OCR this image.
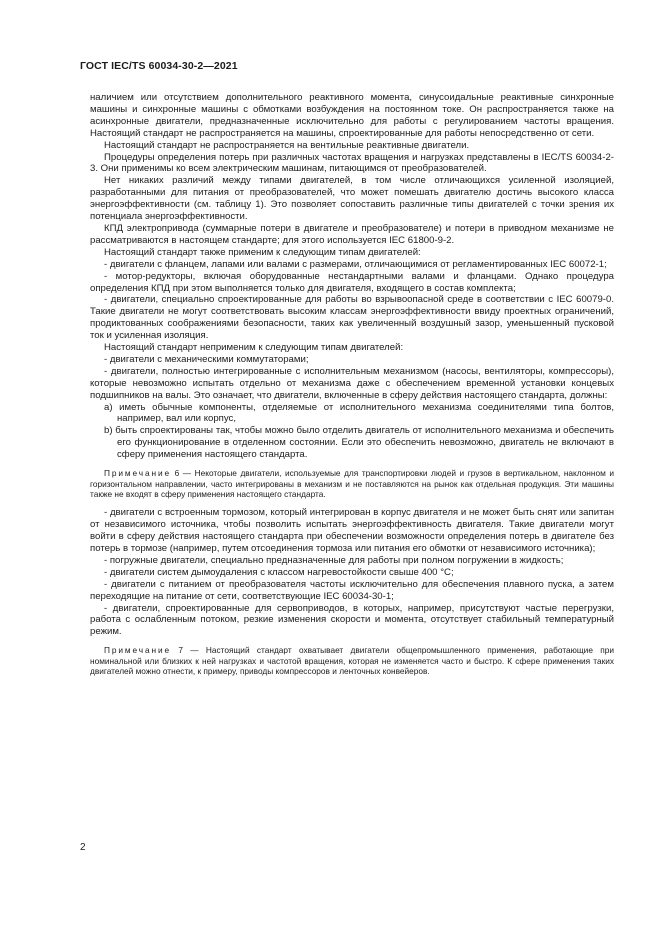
ГОСТ IEC/TS 60034-30-2—2021

наличием или отсутствием дополнительного реактивного момента, синусоидальные реактивные синхронные машины и синхронные машины с обмотками возбуждения на постоянном токе. Он распространяется также на асинхронные двигатели, предназначенные исключительно для работы с регулированием частоты вращения. Настоящий стандарт не распространяется на машины, спроектированные для работы непосредственно от сети.

Настоящий стандарт не распространяется на вентильные реактивные двигатели.

Процедуры определения потерь при различных частотах вращения и нагрузках представлены в IEC/TS 60034-2-3. Они применимы ко всем электрическим машинам, питающимся от преобразователей.

Нет никаких различий между типами двигателей, в том числе отличающихся усиленной изоляцией, разработанными для питания от преобразователей, что может помешать двигателю достичь высокого класса энергоэффективности (см. таблицу 1). Это позволяет сопоставить различные типы двигателей с точки зрения их потенциала энергоэффективности.

КПД электропривода (суммарные потери в двигателе и преобразователе) и потери в приводном механизме не рассматриваются в настоящем стандарте; для этого используется IEC 61800-9-2.

Настоящий стандарт также применим к следующим типам двигателей:

- двигатели с фланцем, лапами или валами с размерами, отличающимися от регламентированных IEC 60072-1;

- мотор-редукторы, включая оборудованные нестандартными валами и фланцами. Однако процедура определения КПД при этом выполняется только для двигателя, входящего в состав комплекта;

- двигатели, специально спроектированные для работы во взрывоопасной среде в соответствии с IEC 60079-0. Такие двигатели не могут соответствовать высоким классам энергоэффективности ввиду проектных ограничений, продиктованных соображениями безопасности, таких как увеличенный воздушный зазор, уменьшенный пусковой ток и усиленная изоляция.

Настоящий стандарт неприменим к следующим типам двигателей:

- двигатели с механическими коммутаторами;

- двигатели, полностью интегрированные с исполнительным механизмом (насосы, вентиляторы, компрессоры), которые невозможно испытать отдельно от механизма даже с обеспечением временной установки концевых подшипников на валы. Это означает, что двигатели, включенные в сферу действия настоящего стандарта, должны:

a) иметь обычные компоненты, отделяемые от исполнительного механизма соединителями типа болтов, например, вал или корпус,

b) быть спроектированы так, чтобы можно было отделить двигатель от исполнительного механизма и обеспечить его функционирование в отделенном состоянии. Если это обеспечить невозможно, двигатель не включают в сферу применения настоящего стандарта.

Примечание 6 — Некоторые двигатели, используемые для транспортировки людей и грузов в вертикальном, наклонном и горизонтальном направлении, часто интегрированы в механизм и не поставляются на рынок как отдельная продукция. Эти машины также не входят в сферу применения настоящего стандарта.

- двигатели с встроенным тормозом, который интегрирован в корпус двигателя и не может быть снят или запитан от независимого источника, чтобы позволить испытать энергоэффективность двигателя. Такие двигатели могут войти в сферу действия настоящего стандарта при обеспечении возможности определения потерь в двигателе без потерь в тормозе (например, путем отсоединения тормоза или питания его обмотки от независимого источника);

- погружные двигатели, специально предназначенные для работы при полном погружении в жидкость;

- двигатели систем дымоудаления с классом нагревостойкости свыше 400 °С;

- двигатели с питанием от преобразователя частоты исключительно для обеспечения плавного пуска, а затем переходящие на питание от сети, соответствующие IEC 60034-30-1;

- двигатели, спроектированные для сервоприводов, в которых, например, присутствуют частые перегрузки, работа с ослабленным потоком, резкие изменения скорости и момента, отсутствует стабильный температурный режим.

Примечание 7 — Настоящий стандарт охватывает двигатели общепромышленного применения, работающие при номинальной или близких к ней нагрузках и частотой вращения, которая не изменяется часто и быстро. К сфере применения таких двигателей можно отнести, к примеру, приводы компрессоров и ленточных конвейеров.

2
